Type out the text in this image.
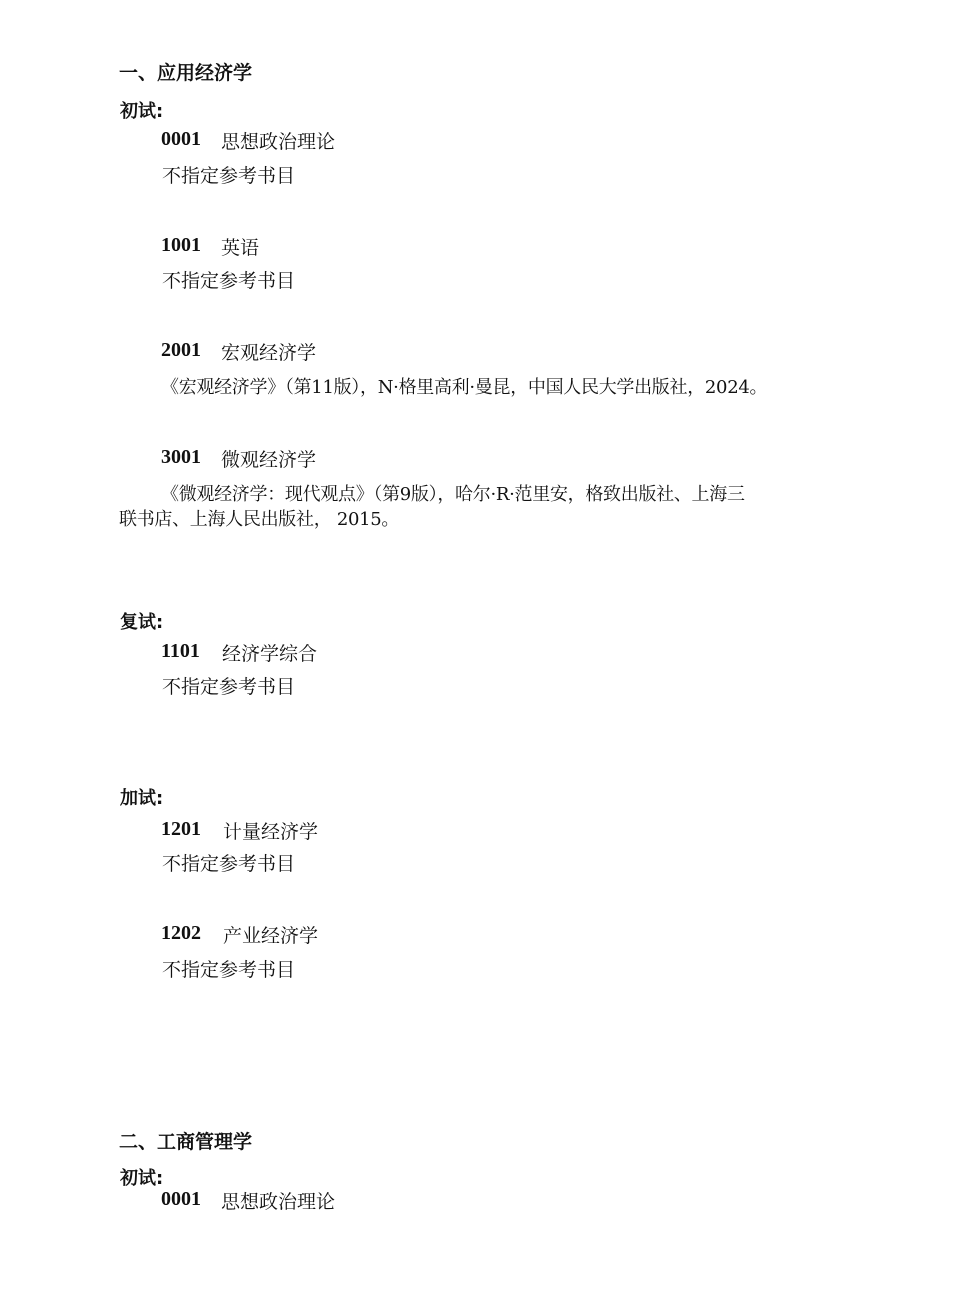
一、应用经济学
初试:
0001 思想政治理论
不指定参考书目
1001 英语
不指定参考书目
2001 宏观经济学
《宏观经济学》（第11版），N·格里高利·曼昆，中国人民大学出版社，2024。
3001 微观经济学
《微观经济学：现代观点》（第9版），哈尔·R·范里安，格致出版社、上海三
联书店、上海人民出版社， 2015。
复试:
1101 经济学综合
不指定参考书目
加试:
1201 计量经济学
不指定参考书目
1202 产业经济学
不指定参考书目
二、工商管理学
初试:
0001 思想政治理论
